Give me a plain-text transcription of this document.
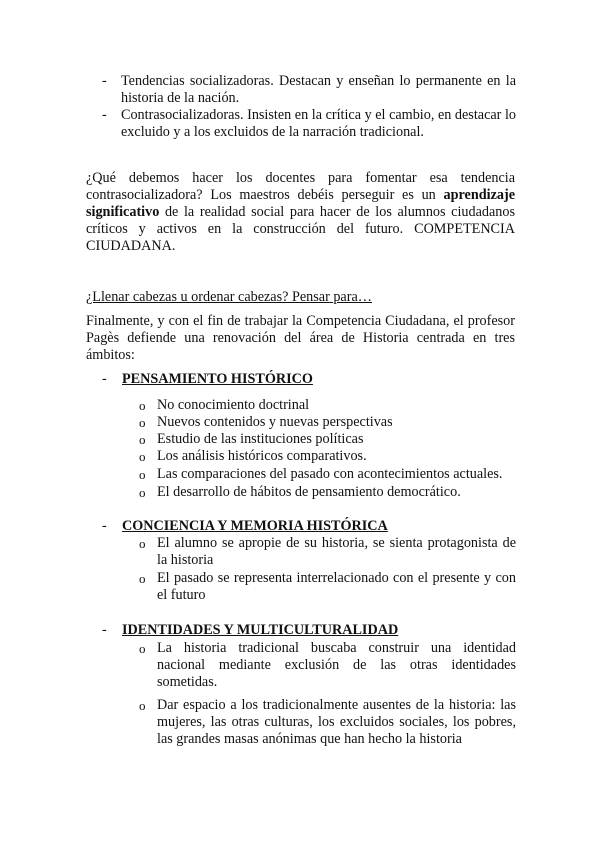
- Tendencias socializadoras. Destacan y enseñan lo permanente en la historia de la nación.
- Contrasocializadoras. Insisten en la crítica y el cambio, en destacar lo excluido y a los excluidos de la narración tradicional.
¿Qué debemos hacer los docentes para fomentar esa tendencia contrasocializadora? Los maestros debéis perseguir es un aprendizaje significativo de la realidad social para hacer de los alumnos ciudadanos críticos y activos en la construcción del futuro. COMPETENCIA CIUDADANA.
¿Llenar cabezas u ordenar cabezas? Pensar para…
Finalmente, y con el fin de trabajar la Competencia Ciudadana, el profesor Pagès defiende una renovación del área de Historia centrada en tres ámbitos:
- PENSAMIENTO HISTÓRICO
o No conocimiento doctrinal
o Nuevos contenidos y nuevas perspectivas
o Estudio de las instituciones políticas
o Los análisis históricos comparativos.
o Las comparaciones del pasado con acontecimientos actuales.
o El desarrollo de hábitos de pensamiento democrático.
- CONCIENCIA Y MEMORIA HISTÓRICA
o El alumno se apropie de su historia, se sienta protagonista de la historia
o El pasado se representa interrelacionado con el presente y con el futuro
- IDENTIDADES Y MULTICULTURALIDAD
o La historia tradicional buscaba construir una identidad nacional mediante exclusión de las otras identidades sometidas.
o Dar espacio a los tradicionalmente ausentes de la historia: las mujeres, las otras culturas, los excluidos sociales, los pobres, las grandes masas anónimas que han hecho la historia
